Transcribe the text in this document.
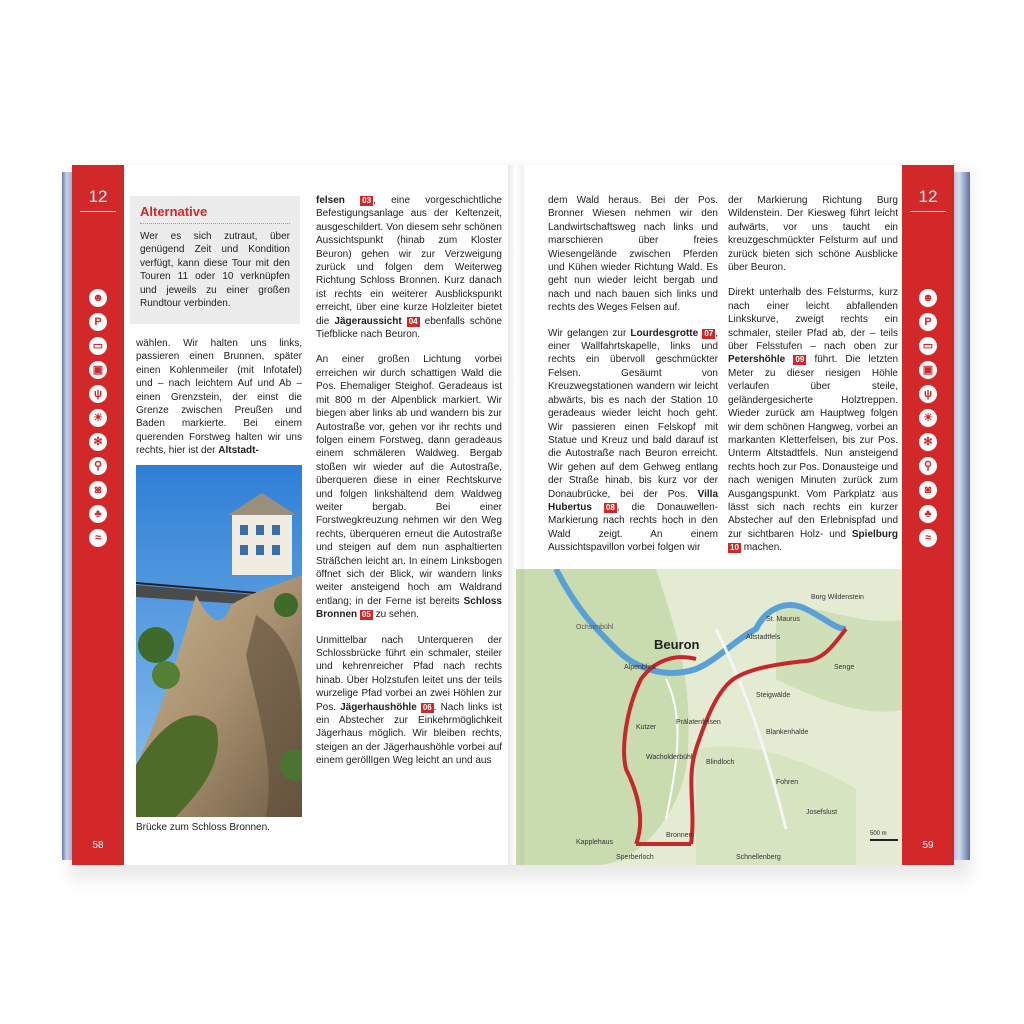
12
☻
P
▭
▣
ψ
☀
✻
⚲
◙
♣
≈
58
Alternative
Wer es sich zutraut, über genügend Zeit und Kondition verfügt, kann diese Tour mit den Touren 11 oder 10 verknüpfen und jeweils zu einer großen Rundtour verbinden.
wählen. Wir halten uns links, passieren einen Brunnen, später einen Kohlenmeiler (mit Infotafel) und – nach leichtem Auf und Ab – einen Grenzstein, der einst die Grenze zwischen Preußen und Baden markierte. Bei einem querenden Forstweg halten wir uns rechts, hier ist der Altstadt-
Brücke zum Schloss Bronnen.

felsen 03 , eine vorgeschichtliche Befestigungsanlage aus der Keltenzeit, ausgeschildert. Von diesem sehr schönen Aussichtspunkt (hinab zum Kloster Beuron) gehen wir zur Verzweigung zurück und folgen dem Weiterweg Richtung Schloss Bronnen. Kurz danach ist rechts ein weiterer Ausblickspunkt erreicht, über eine kurze Holzleiter bietet die Jägeraussicht 04 ebenfalls schöne Tiefblicke nach Beuron.

An einer großen Lichtung vorbei erreichen wir durch schattigen Wald die Pos. Ehemaliger Steighof. Geradeaus ist mit 800 m der Alpenblick markiert. Wir biegen aber links ab und wandern bis zur Autostraße vor, gehen vor ihr rechts und folgen einem Forstweg, dann geradeaus einem schmäleren Waldweg. Bergab stoßen wir wieder auf die Autostraße, überqueren diese in einer Rechtskurve und folgen linkshaltend dem Waldweg weiter bergab. Bei einer Forstwegkreuzung nehmen wir den Weg rechts, überqueren erneut die Autostraße und steigen auf dem nun asphaltierten Sträßchen leicht an. In einem Linksbogen öffnet sich der Blick, wir wandern links weiter ansteigend hoch am Waldrand entlang; in der Ferne ist bereits Schloss Bronnen 05 zu sehen.

Unmittelbar nach Unterqueren der Schlossbrücke führt ein schmaler, steiler und kehrenreicher Pfad nach rechts hinab. Über Holzstufen leitet uns der teils wurzelige Pfad vorbei an zwei Höhlen zur Pos. Jägerhaushöhle 06 . Nach links ist ein Abstecher zur Einkehrmöglichkeit Jägerhaus möglich. Wir bleiben rechts, steigen an der Jägerhaushöhle vorbei auf einem geröllIgen Weg leicht an und aus

dem Wald heraus. Bei der Pos. Bronner Wiesen nehmen wir den Landwirtschaftsweg nach links und marschieren über freies Wiesengelände zwischen Pferden und Kühen wieder Richtung Wald. Es geht nun wieder leicht bergab und nach und nach bauen sich links und rechts des Weges Felsen auf.

Wir gelangen zur Lourdesgrotte 07 , einer Wallfahrtskapelle, links und rechts ein übervoll geschmückter Felsen. Gesäumt von Kreuzwegstationen wandern wir leicht abwärts, bis es nach der Station 10 geradeaus wieder leicht hoch geht. Wir passieren einen Felskopf mit Statue und Kreuz und bald darauf ist die Autostraße nach Beuron erreicht. Wir gehen auf dem Gehweg entlang der Straße hinab, bis kurz vor der Donaubrücke, bei der Pos. Villa Hubertus 08 , die Donauwellen-Markierung nach rechts hoch in den Wald zeigt. An einem Aussichtspavillon vorbei folgen wir

der Markierung Richtung Burg Wildenstein. Der Kiesweg führt leicht aufwärts, vor uns taucht ein kreuzgeschmückter Felsturm auf und zurück bieten sich schöne Ausblicke über Beuron.

Direkt unterhalb des Felsturms, kurz nach einer leicht abfallenden Linkskurve, zweigt rechts ein schmaler, steiler Pfad ab, der – teils über Felsstufen – nach oben zur Petershöhle 09 führt. Die letzten Meter zu dieser riesigen Höhle verlaufen über steile, geländergesicherte Holztreppen. Wieder zurück am Hauptweg folgen wir dem schönen Hangweg, vorbei an markanten Kletterfelsen, bis zur Pos. Unterm Altstadtfels. Nun ansteigend rechts hoch zur Pos. Donausteige und nach wenigen Minuten zurück zum Ausgangspunkt. Vom Parkplatz aus lässt sich nach rechts ein kurzer Abstecher auf den Erlebnispfad und zur sichtbaren Holz- und Spielburg 10 machen.

Beuron	Altstadtfels
St. Maurus
Burg Wildenstein
Ochsenbühl
Alpenblick
Prälatenfelsen
Kutzer
Wacholderbühl
Blindloch
Blankenhalde
Steigwälde
Senge
Fohren
Josefslust
Kapplehaus
Sperberloch	Schnellenberg
Bronnen	500 m
12
☻
P
▭
▣
ψ
☀
✻
⚲
◙
♣
≈
59
